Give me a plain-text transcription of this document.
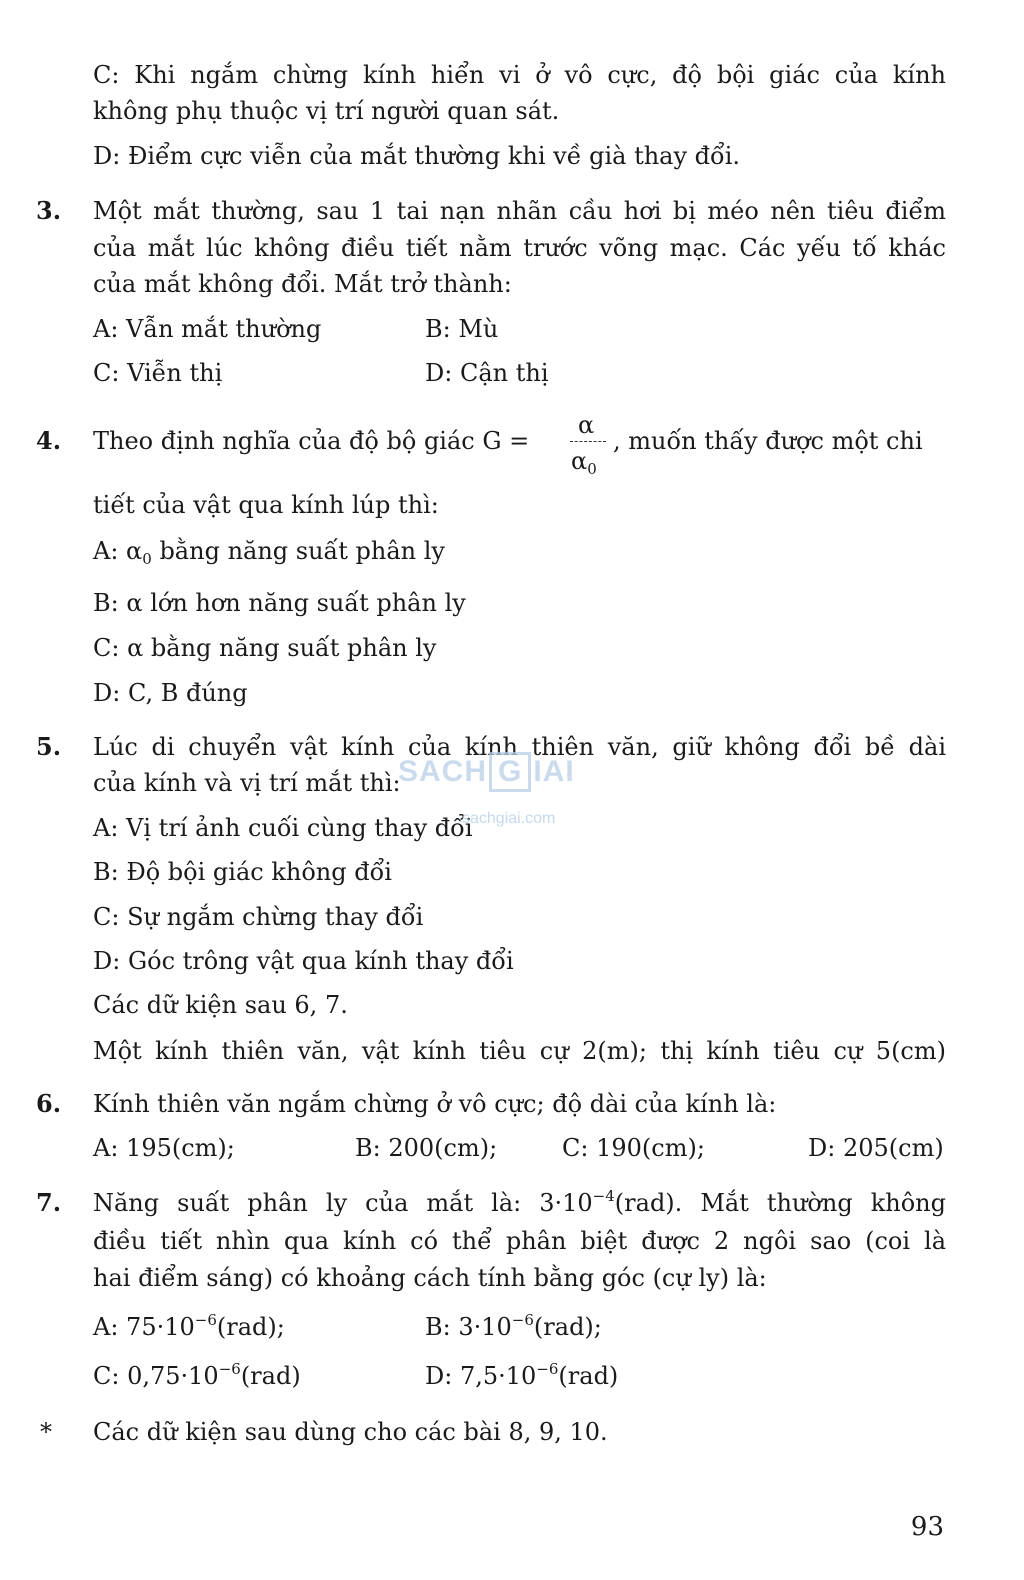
C: Khi ngắm chừng kính hiển vi ở vô cực, độ bội giác của kính
không phụ thuộc vị trí người quan sát.
D: Điểm cực viễn của mắt thường khi về già thay đổi.
3. Một mắt thường, sau 1 tai nạn nhãn cầu hơi bị méo nên tiêu điểm
của mắt lúc không điều tiết nằm trước võng mạc. Các yếu tố khác
của mắt không đổi. Mắt trở thành:
A: Vẫn mắt thường	B: Mù
C: Viễn thị	D: Cận thị
4. Theo định nghĩa của độ bộ giác G =
α
$\alpha_0$
, muốn thấy được một chi
tiết của vật qua kính lúp thì:
A: $\alpha_0$ bằng năng suất phân ly
B: α lớn hơn năng suất phân ly
C: α bằng năng suất phân ly
D: C, B đúng
5. Lúc di chuyển vật kính của kính thiên văn, giữ không đổi bề dài
của kính và vị trí mắt thì:
A: Vị trí ảnh cuối cùng thay đổi
B: Độ bội giác không đổi
C: Sự ngắm chừng thay đổi
D: Góc trông vật qua kính thay đổi
Các dữ kiện sau 6, 7.
Một kính thiên văn, vật kính tiêu cự 2(m); thị kính tiêu cự 5(cm)
6. Kính thiên văn ngắm chừng ở vô cực; độ dài của kính là:
A: 195(cm);	B: 200(cm);	C: 190(cm);	D: 205(cm)
7. Năng suất phân ly của mắt là: $3\cdot 10^{-4}(rad)$. Mắt thường không
điều tiết nhìn qua kính có thể phân biệt được 2 ngôi sao (coi là
hai điểm sáng) có khoảng cách tính bằng góc (cự ly) là:
A: $75\cdot 10^{-6}(rad)$;	B: $3\cdot 10^{-6}(rad)$;
C: $0,75\cdot 10^{-6}(rad)$	D: $7,5\cdot 10^{-6}(rad)$
* Các dữ kiện sau dùng cho các bài 8, 9, 10.
SACH G IAI
sachgiai.com
93
